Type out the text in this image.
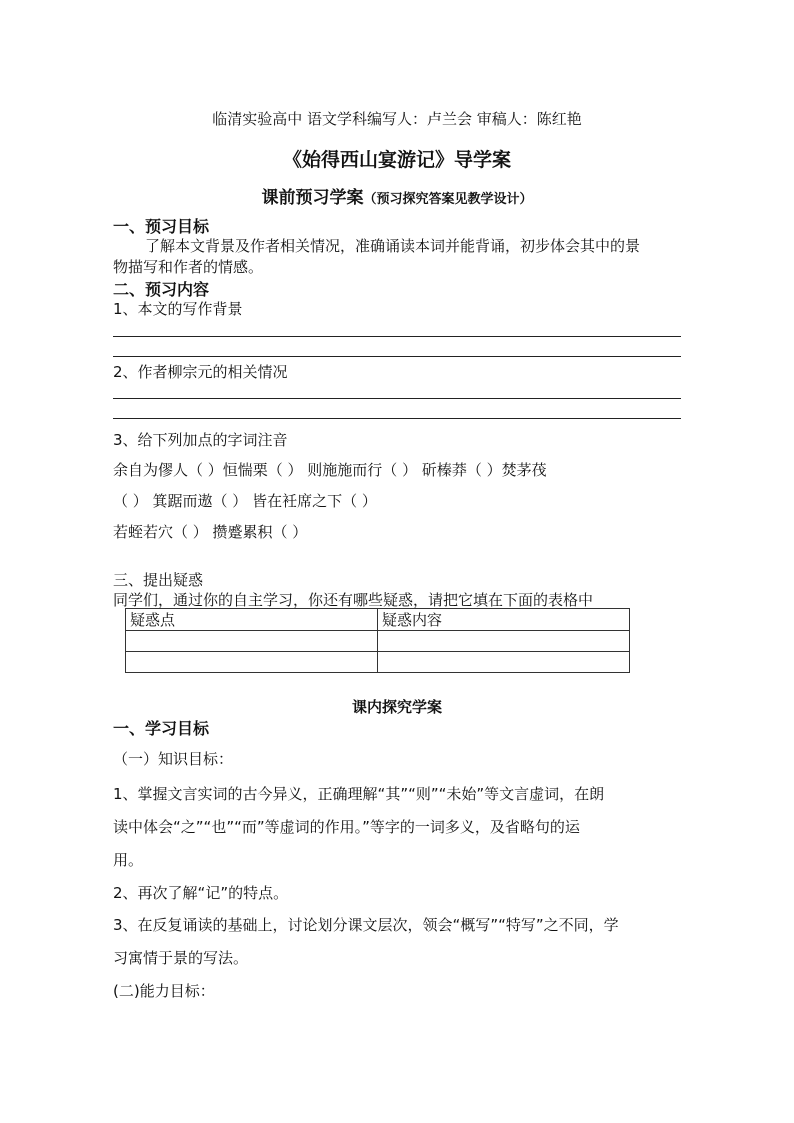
临清实验高中 语文学科编写人：卢兰会 审稿人：陈红艳
《始得西山宴游记》导学案
课前预习学案（预习探究答案见教学设计）
一、预习目标
了解本文背景及作者相关情况，准确诵读本词并能背诵，初步体会其中的景
物描写和作者的情感。
二、预习内容
1、本文的写作背景
2、作者柳宗元的相关情况
3、给下列加点的字词注音
余自为僇人（ ）恒惴栗（ ） 则施施而行（ ） 斫榛莽（ ）焚茅茷
（ ） 箕踞而遨（ ） 皆在衽席之下（ ）
若蛭若穴（ ） 攒蹙累积（ ）
三、提出疑惑
同学们，通过你的自主学习，你还有哪些疑惑，请把它填在下面的表格中
疑惑点	疑惑内容

课内探究学案
一、学习目标
（一）知识目标：
1、掌握文言实词的古今异义，正确理解“其”“则”“未始”等文言虚词，在朗
读中体会“之”“也”“而”等虚词的作用。”等字的一词多义，及省略句的运
用。
2、再次了解“记”的特点。
3、在反复诵读的基础上，讨论划分课文层次，领会“概写”“特写”之不同，学
习寓情于景的写法。
(二)能力目标：
